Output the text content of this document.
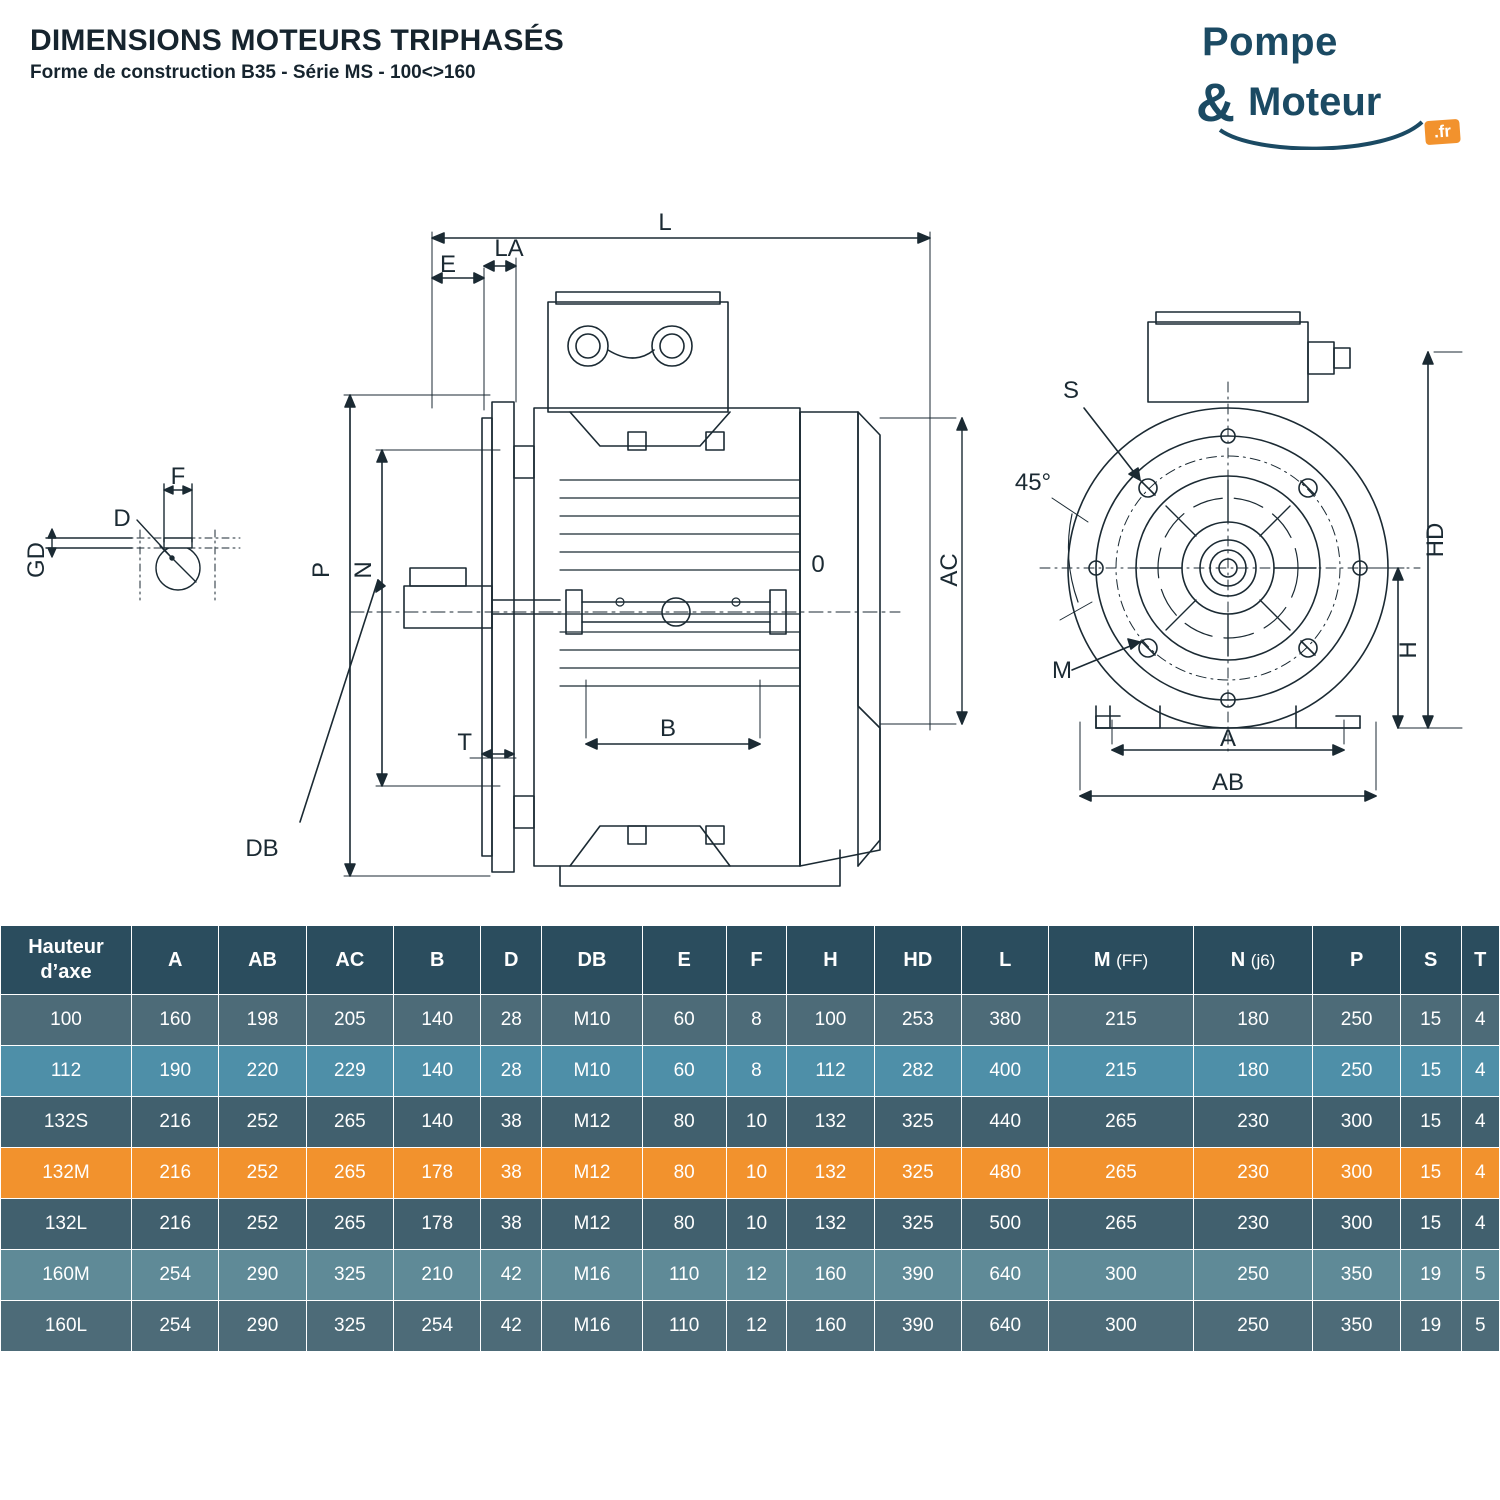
DIMENSIONS MOTEURS TRIPHASÉS
Forme de construction B35 - Série MS - 100<>160
Pompe
& Moteur
.fr
L
E
LA
P N
DB
T
B
AC
0
F
D
GD
S
45°
M
HD
H
A
AB
Hauteur
d’axe	A	AB	AC	B	D	DB	E	F	H	HD	L	M (FF)	N (j6)	P	S	T
100	160	198	205	140	28	M10	60	8	100	253	380	215	180	250	15	4
112	190	220	229	140	28	M10	60	8	112	282	400	215	180	250	15	4
132S	216	252	265	140	38	M12	80	10	132	325	440	265	230	300	15	4
132M	216	252	265	178	38	M12	80	10	132	325	480	265	230	300	15	4
132L	216	252	265	178	38	M12	80	10	132	325	500	265	230	300	15	4
160M	254	290	325	210	42	M16	110	12	160	390	640	300	250	350	19	5
160L	254	290	325	254	42	M16	110	12	160	390	640	300	250	350	19	5
